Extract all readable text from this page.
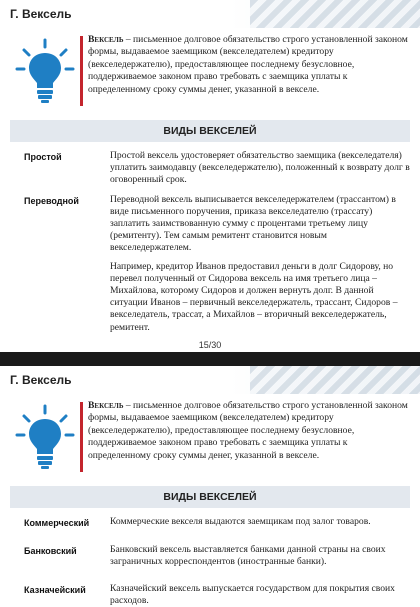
Г. Вексель
Вексель – письменное долговое обязательство строго установленной законом формы, выдаваемое заемщиком (векселедателем) кредитору (векселедержателю), предоставляющее последнему безусловное, поддерживаемое законом право требовать с заемщика уплаты к определенному сроку суммы денег, указанной в векселе.
ВИДЫ ВЕКСЕЛЕЙ
Простой	Простой вексель удостоверяет обязательство заемщика (векселедателя) уплатить заимодавцу (векселедержателю), положенный к возврату долг в оговоренный срок.
Переводной	Переводной вексель выписывается векселедержателем (трассантом) в виде письменного поручения, приказа векселедателю (трассату) заплатить заимствованную сумму с процентами третьему лицу (ремитенту). Тем самым ремитент становится новым векселедержателем.
Например, кредитор Иванов предоставил деньги в долг Сидорову, но перевел полученный от Сидорова вексель на имя третьего лица – Михайлова, которому Сидоров и должен вернуть долг. В данной ситуации Иванов – первичный векселедержатель, трассант, Сидоров – векселедатель, трассат, а Михайлов – вторичный векселедержатель, ремитент.
15/30
Г. Вексель
Вексель – письменное долговое обязательство строго установленной законом формы, выдаваемое заемщиком (векселедателем) кредитору (векселедержателю), предоставляющее последнему безусловное, поддерживаемое законом право требовать с заемщика уплаты к определенному сроку суммы денег, указанной в векселе.
ВИДЫ ВЕКСЕЛЕЙ
Коммерческий Коммерческие векселя выдаются заемщикам под залог товаров.
Банковский	Банковский вексель выставляется банками данной страны на своих заграничных корреспондентов (иностранные банки).
Казначейский	Казначейский вексель выпускается государством для покрытия своих расходов.
